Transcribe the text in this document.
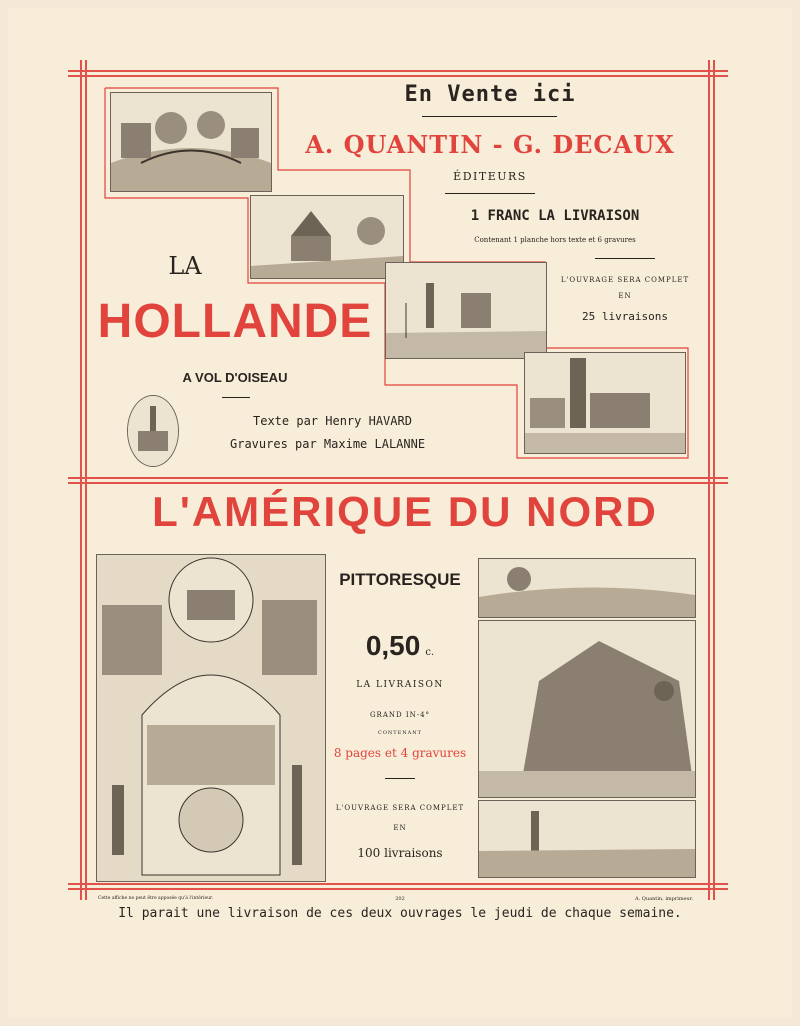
En Vente ici
A. QUANTIN - G. DECAUX
ÉDITEURS
1 FRANC LA LIVRAISON
Contenant 1 planche hors texte et 6 gravures
L'OUVRAGE SERA COMPLET
EN
25 livraisons
LA
HOLLANDE
A VOL D'OISEAU
Texte par Henry HAVARD
Gravures par Maxime LALANNE
L'AMÉRIQUE DU NORD
PITTORESQUE
0,50 c.
LA LIVRAISON
GRAND IN-4°
CONTENANT
8 pages et 4 gravures
L'OUVRAGE SERA COMPLET
EN
100 livraisons
Cette affiche ne peut être apposée qu'à l'intérieur.	202	A. Quantin, imprimeur.
Il parait une livraison de ces deux ouvrages le jeudi de chaque semaine.
